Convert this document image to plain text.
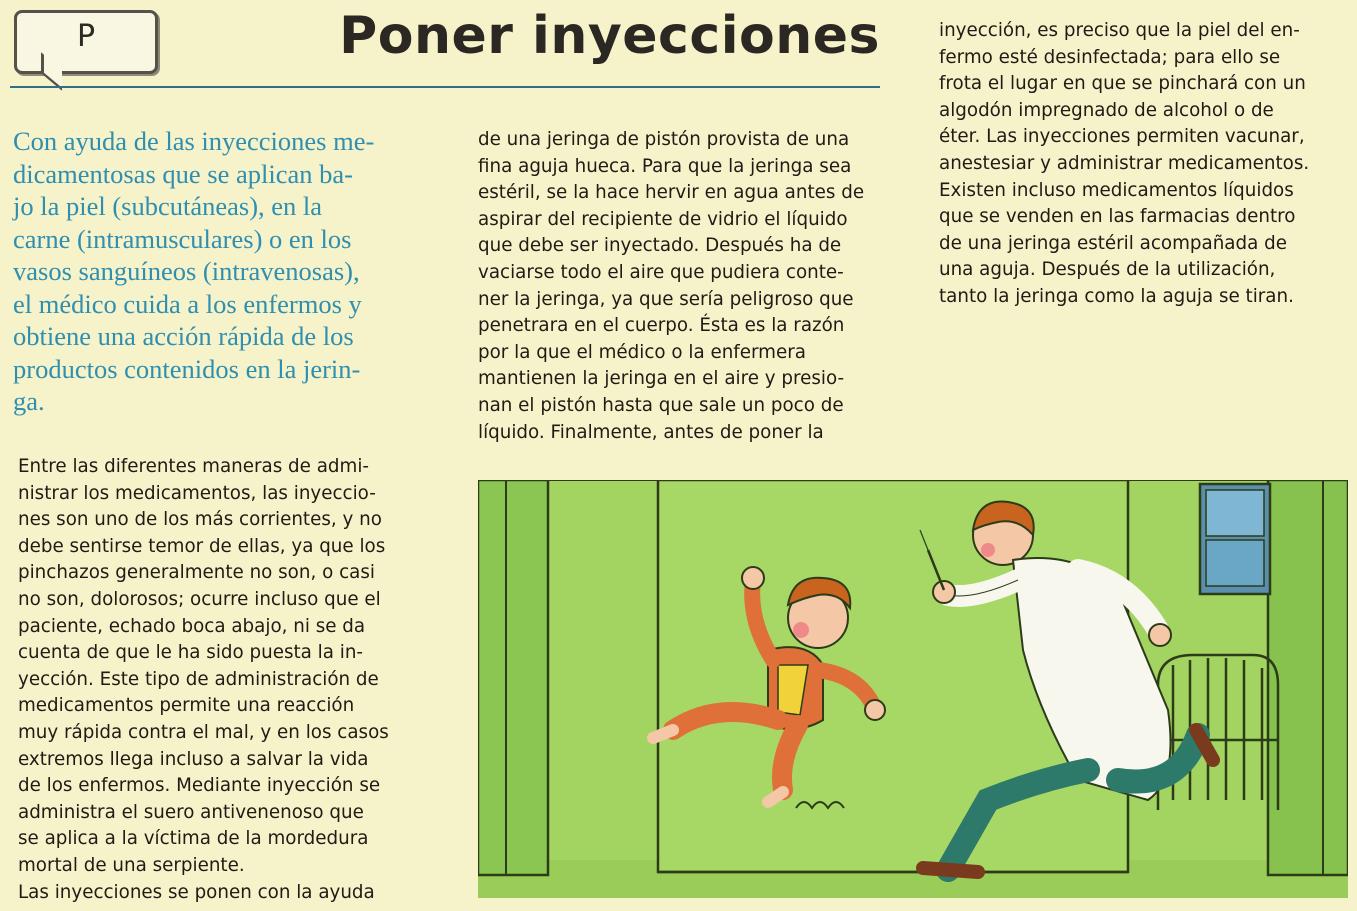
P	Poner inyecciones
Con ayuda de las inyecciones me-
dicamentosas que se aplican ba-
jo la piel (subcutáneas), en la
carne (intramusculares) o en los
vasos sanguíneos (intravenosas),
el médico cuida a los enfermos y
obtiene una acción rápida de los
productos contenidos en la jerin-
ga.
Entre las diferentes maneras de admi-
nistrar los medicamentos, las inyeccio-
nes son uno de los más corrientes, y no
debe sentirse temor de ellas, ya que los
pinchazos generalmente no son, o casi
no son, dolorosos; ocurre incluso que el
paciente, echado boca abajo, ni se da
cuenta de que le ha sido puesta la in-
yección. Este tipo de administración de
medicamentos permite una reacción
muy rápida contra el mal, y en los casos
extremos llega incluso a salvar la vida
de los enfermos. Mediante inyección se
administra el suero antivenenoso que
se aplica a la víctima de la mordedura
mortal de una serpiente.
Las inyecciones se ponen con la ayuda
de una jeringa de pistón provista de una
fina aguja hueca. Para que la jeringa sea
estéril, se la hace hervir en agua antes de
aspirar del recipiente de vidrio el líquido
que debe ser inyectado. Después ha de
vaciarse todo el aire que pudiera conte-
ner la jeringa, ya que sería peligroso que
penetrara en el cuerpo. Ésta es la razón
por la que el médico o la enfermera
mantienen la jeringa en el aire y presio-
nan el pistón hasta que sale un poco de
líquido. Finalmente, antes de poner la
inyección, es preciso que la piel del en-
fermo esté desinfectada; para ello se
frota el lugar en que se pinchará con un
algodón impregnado de alcohol o de
éter. Las inyecciones permiten vacunar,
anestesiar y administrar medicamentos.
Existen incluso medicamentos líquidos
que se venden en las farmacias dentro
de una jeringa estéril acompañada de
una aguja. Después de la utilización,
tanto la jeringa como la aguja se tiran.
